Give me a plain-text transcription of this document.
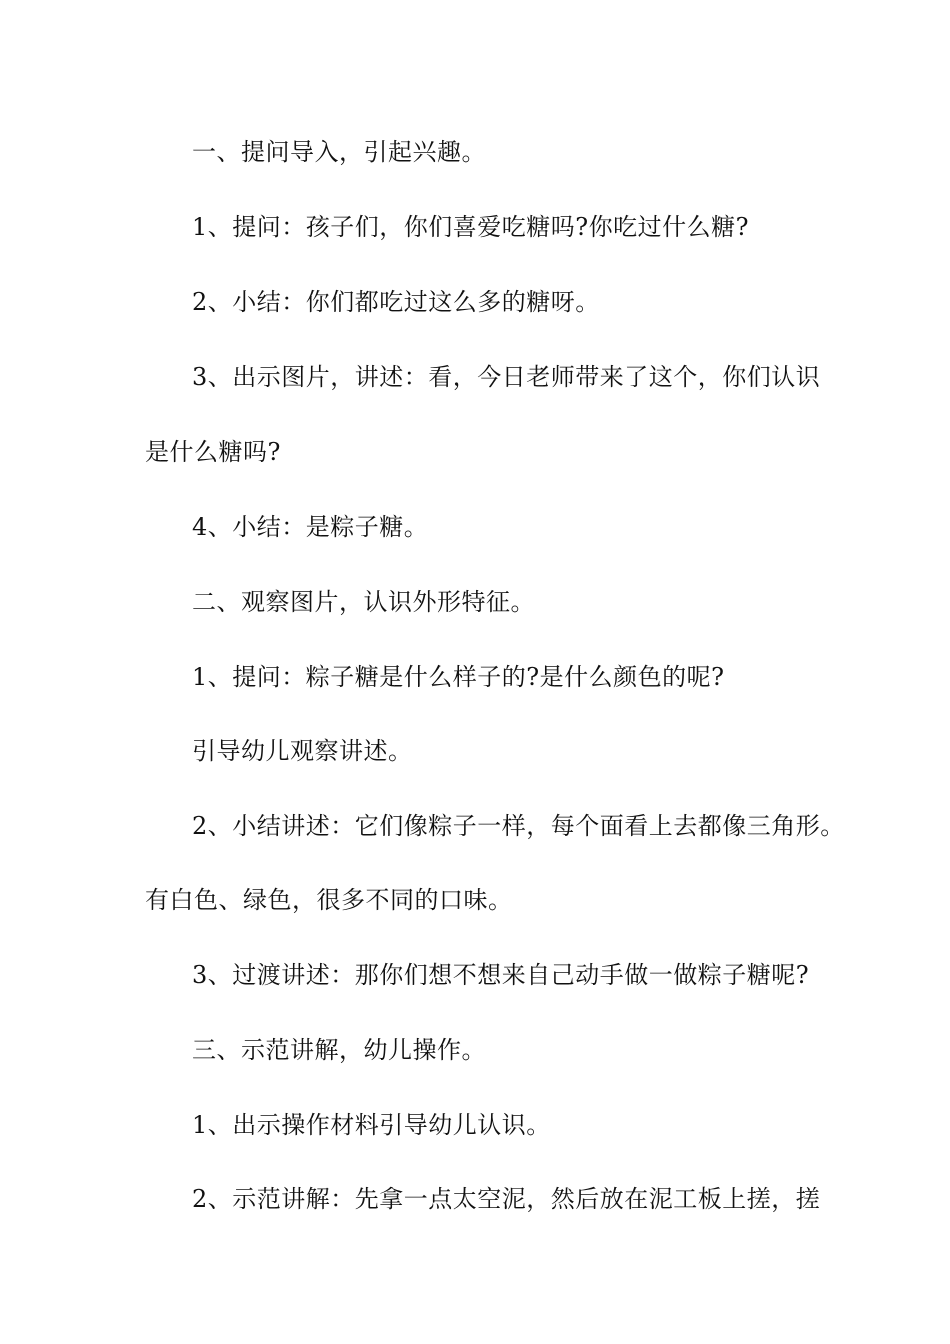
一、提问导入，引起兴趣。
1、提问：孩子们，你们喜爱吃糖吗?你吃过什么糖?
2、小结：你们都吃过这么多的糖呀。
3、出示图片，讲述：看，今日老师带来了这个，你们认识
是什么糖吗?
4、小结：是粽子糖。
二、观察图片，认识外形特征。
1、提问：粽子糖是什么样子的?是什么颜色的呢?
引导幼儿观察讲述。
2、小结讲述：它们像粽子一样，每个面看上去都像三角形。
有白色、绿色，很多不同的口味。
3、过渡讲述：那你们想不想来自己动手做一做粽子糖呢?
三、示范讲解，幼儿操作。
1、出示操作材料引导幼儿认识。
2、示范讲解：先拿一点太空泥，然后放在泥工板上搓，搓
